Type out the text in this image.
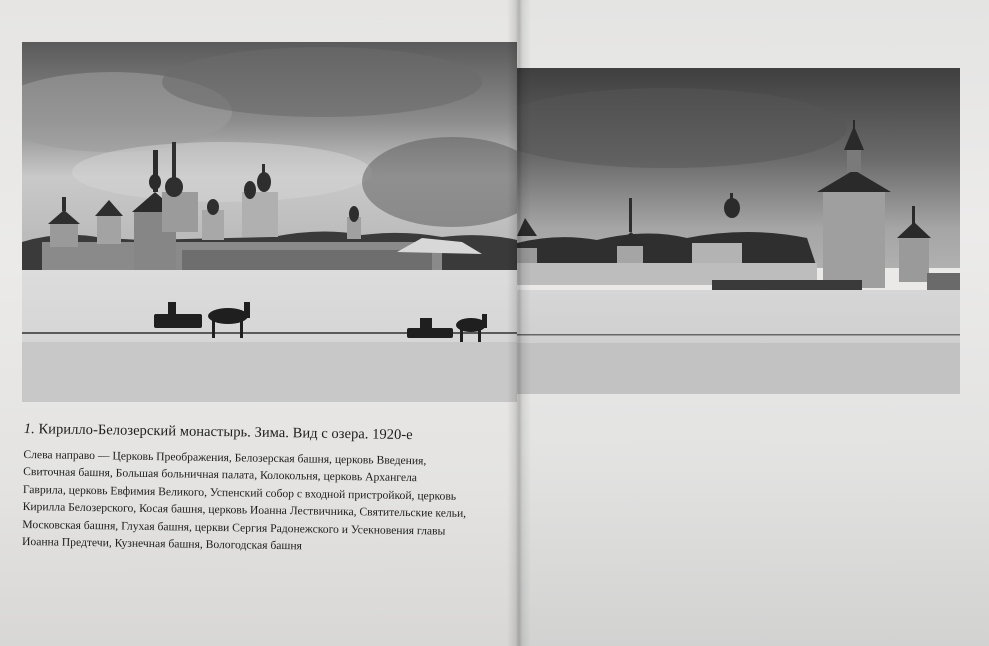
1. Кирилло-Белозерский монастырь. Зима. Вид с озера. 1920-е

Слева направо — Церковь Преображения, Белозерская башня, церковь Введения,
Свиточная башня, Большая больничная палата, Колокольня, церковь Архангела
Гаврила, церковь Евфимия Великого, Успенский собор с входной пристройкой, церковь
Кирилла Белозерского, Косая башня, церковь Иоанна Лествичника, Святительские кельи,
Московская башня, Глухая башня, церкви Сергия Радонежского и Усекновения главы
Иоанна Предтечи, Кузнечная башня, Вологодская башня
